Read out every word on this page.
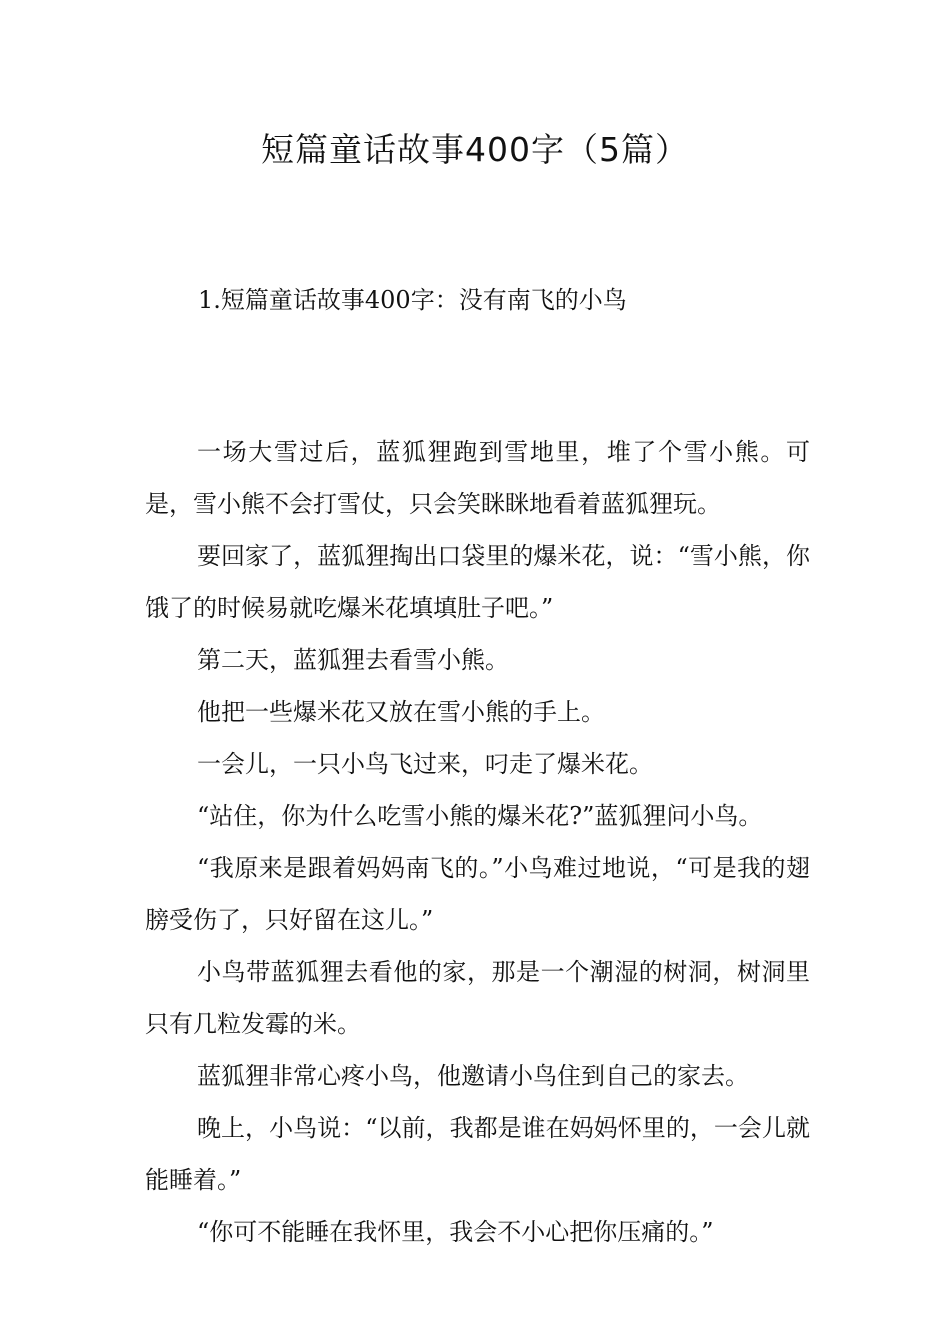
短篇童话故事400字（5篇）
1.短篇童话故事400字：没有南飞的小鸟

一场大雪过后，蓝狐狸跑到雪地里，堆了个雪小熊。可是，雪小熊不会打雪仗，只会笑眯眯地看着蓝狐狸玩。

要回家了，蓝狐狸掏出口袋里的爆米花，说：“雪小熊，你饿了的时候易就吃爆米花填填肚子吧。”

第二天，蓝狐狸去看雪小熊。

他把一些爆米花又放在雪小熊的手上。

一会儿，一只小鸟飞过来，叼走了爆米花。

“站住，你为什么吃雪小熊的爆米花?”蓝狐狸问小鸟。

“我原来是跟着妈妈南飞的。”小鸟难过地说，“可是我的翅膀受伤了，只好留在这儿。”

小鸟带蓝狐狸去看他的家，那是一个潮湿的树洞，树洞里只有几粒发霉的米。

蓝狐狸非常心疼小鸟，他邀请小鸟住到自己的家去。

晚上，小鸟说：“以前，我都是谁在妈妈怀里的，一会儿就能睡着。”

“你可不能睡在我怀里，我会不小心把你压痛的。”
